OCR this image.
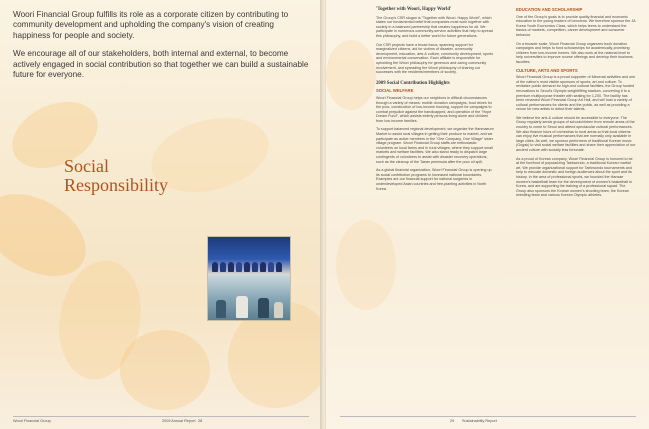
Woori Financial Group fulfills its role as a corporate citizen by contributing to community development and upholding the company's vision of creating happiness for people and society.

We encourage all of our stakeholders, both internal and external, to become actively engaged in social contribution so that together we can build a sustainable future for everyone.

Social
Responsibility
Woori Financial Group	2009 Annual Report 28
'Together with Woori, Happy World'

The Group's CSR slogan is "Together with Woori, Happy World", which states our fundamental belief that companies must work together with society in a balanced partnership that creates happiness for all. We participate in numerous community-service activities that help to spread this philosophy, and build a better world for future generations.

Our CSR projects have a broad focus, spanning support for marginalized citizens, aid for victims of disaster, community development, education, arts & culture, community development, sports and environmental conservation. Each affiliate is responsible for upholding the Woori philosophy for generous and caring community involvement, and spreading the Woori philosophy of sharing our successes with the residents/members of society.

2009 Social Contribution Highlights
SOCIAL WELFARE

Woori Financial Group helps our neighbors in difficult circumstances through a variety of means: mobile donation campaigns, food drives for the poor, construction of low-income housing, support for campaigns to combat prejudice against the handicapped, and operation of the "Hope Dream Fund", which assists elderly persons living alone and children from low-income families.

To support balanced regional development, we organize the Hanmaeum Market to assist rural villages in getting their produce to market, and we participate as active members in the "One Company, One Village" sister village program. Woori Financial Group staffs are enthusiastic volunteers on local farms and in rural villages, where they support small markets and welfare facilities. We also stand ready to dispatch large contingents of volunteers to assist with disaster recovery operations, such as the cleanup of the Taean peninsula after the poor oil spill.

As a global financial organization, Woori Financial Group is opening up its social contribution programs to increased national boundaries. Examples are our financial support for national surgeries in underdeveloped Asian countries and free-planting activities in North Korea.

EDUCATION AND SCHOLARSHIP

One of the Group's goals is to provide quality financial and economic education to the young leaders of tomorrow. We therefore sponsor the JA Korea Youth Economics Class, which helps teens to understand the basics of markets, competition, career development and consumer behavior.

On a broader scale, Woori Financial Group organizes book donation campaigns and helps to fund scholarships for academically-promising children from low-income homes. We also work at the national level to help universities to improve course offerings and develop their business faculties.

CULTURE, ARTS AND SPORTS

Woori Financial Group is a proud supporter of Mecenat activities and one of the nation's most visible sponsors of sports, art and culture. To revitalize public demand for high-end cultural facilities, the Group funded renovations to Seoul's Olympic weightlifting stadium, converting it to a premium multipurpose theater with seating for 1,200. The facility has been renamed Woori Financial Group Art Hall, and will host a variety of cultural performances for clients and the public, as well as providing a venue for new artists to debut their talents.

We believe the arts & culture should be accessible to everyone. The Group regularly sends groups of schoolchildren from remote areas of the country to come to Seoul and attend spectacular cultural performances. We also finance tours of orchestras to rural areas so that local citizens can enjoy live musical performances that are normally only available in large cities. As well, we sponsor performers of traditional Korean music (Gugak) to visit social welfare facilities and share their appreciation of our ancient culture with socially less fortunate.

As a proud of Korean company, Woori Financial Group is honored to be at the forefront of popularizing Taekwondo, a traditional Korean martial art. We provide organizational support for Taekwondo tournaments and help to educate domestic and foreign audiences about the sport and its history. In the area of professional sports, we founded the Hansae women's basketball team for the development of women's basketball in Korea, and are supporting the training of a professional squad. The Group also sponsors the Korean women's shooting team, the Korean wrestling team and various Korean Olympic athletes.

29 Sustainability Report
